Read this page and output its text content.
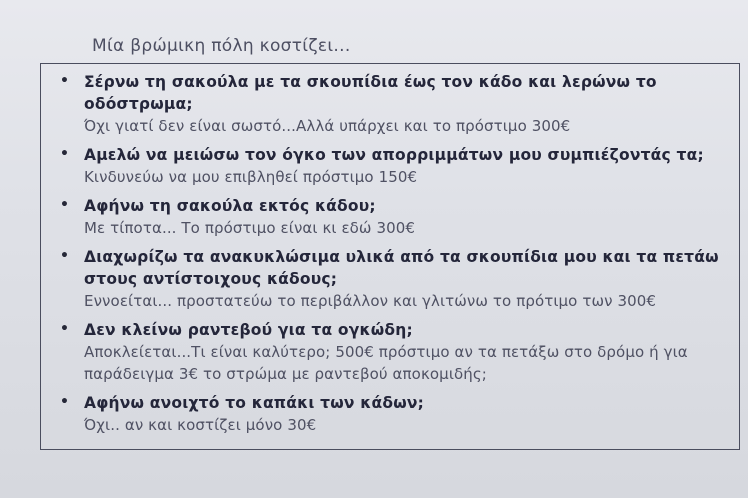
Μία βρώμικη πόλη κοστίζει...
• Σέρνω τη σακούλα με τα σκουπίδια έως τον κάδο και λερώνω το οδόστρωμα;
Όχι γιατί δεν είναι σωστό...Αλλά υπάρχει και το πρόστιμο 300€
• Αμελώ να μειώσω τον όγκο των απορριμμάτων μου συμπιέζοντάς τα;
Κινδυνεύω να μου επιβληθεί πρόστιμο 150€
• Αφήνω τη σακούλα εκτός κάδου;
Με τίποτα... Το πρόστιμο είναι κι εδώ 300€
• Διαχωρίζω τα ανακυκλώσιμα υλικά από τα σκουπίδια μου και τα πετάω στους αντίστοιχους κάδους;
Εννοείται... προστατεύω το περιβάλλον και γλιτώνω το πρότιμο των 300€
• Δεν κλείνω ραντεβού για τα ογκώδη;
Αποκλείεται...Τι είναι καλύτερο; 500€ πρόστιμο αν τα πετάξω στο δρόμο ή για παράδειγμα 3€ το στρώμα με ραντεβού αποκομιδής;
• Αφήνω ανοιχτό το καπάκι των κάδων;
Όχι.. αν και κοστίζει μόνο 30€
